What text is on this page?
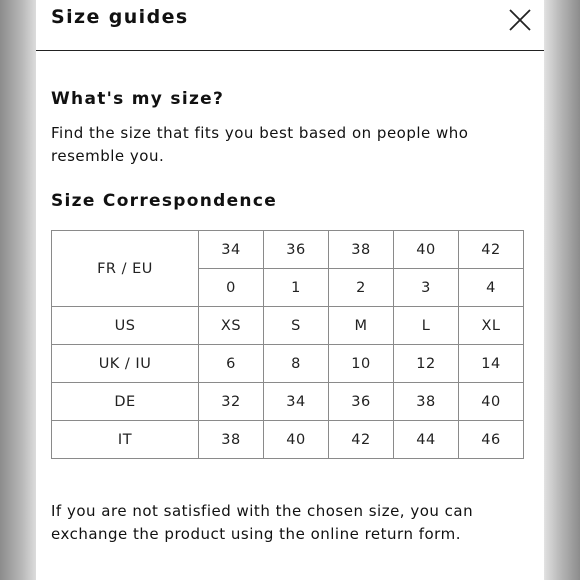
Size guides
What's my size?
Find the size that fits you best based on people who resemble you.
Size Correspondence
FR / EU	34	36	38	40	42
	0	1	2	3	4
US	XS	S	M	L	XL
UK / IU	6	8	10	12	14
DE	32	34	36	38	40
IT	38	40	42	44	46
If you are not satisfied with the chosen size, you can exchange the product using the online return form.
